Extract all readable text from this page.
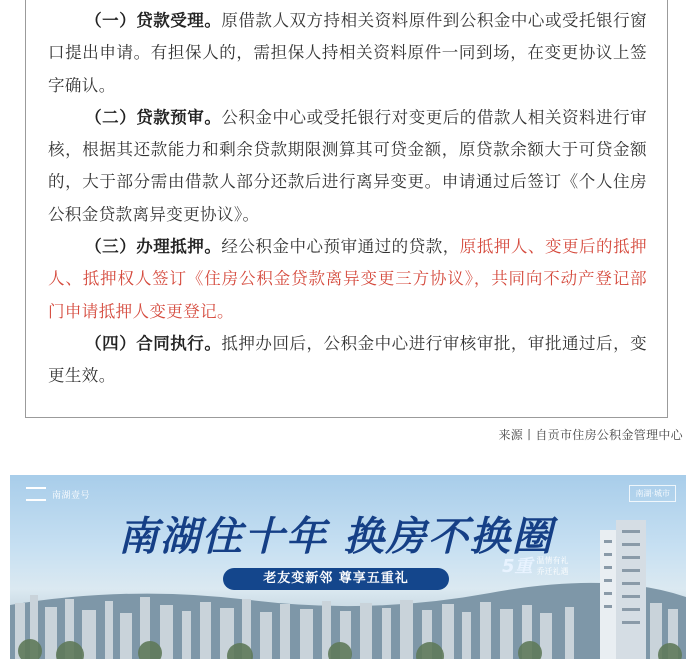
（一）贷款受理。原借款人双方持相关资料原件到公积金中心或受托银行窗口提出申请。有担保人的，需担保人持相关资料原件一同到场，在变更协议上签字确认。

（二）贷款预审。公积金中心或受托银行对变更后的借款人相关资料进行审核，根据其还款能力和剩余贷款期限测算其可贷金额，原贷款余额大于可贷金额的，大于部分需由借款人部分还款后进行离异变更。申请通过后签订《个人住房公积金贷款离异变更协议》。

（三）办理抵押。经公积金中心预审通过的贷款，原抵押人、变更后的抵押人、抵押权人签订《住房公积金贷款离异变更三方协议》，共同向不动产登记部门申请抵押人变更登记。

（四）合同执行。抵押办回后，公积金中心进行审核审批，审批通过后，变更生效。

来源丨自贡市住房公积金管理中心
南湖壹号	南湖·城市
南湖住十年 换房不换圈
老友变新邻 尊享五重礼
5重 温情有礼
乔迁礼遇
